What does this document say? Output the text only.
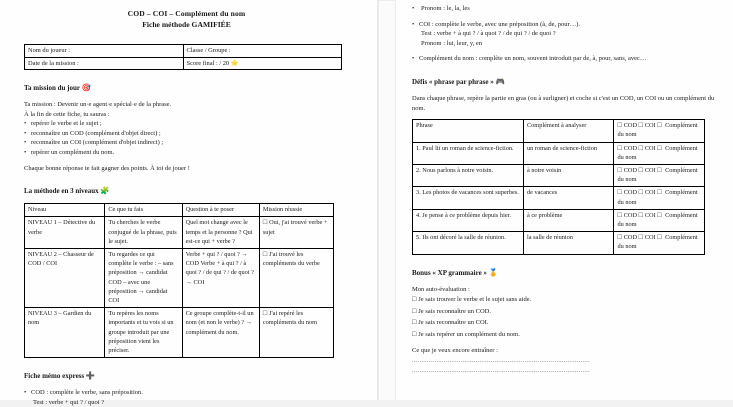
COD – COI – Complément du nom
Fiche méthode GAMIFIÉE
Nom du joueur :	Classe / Groupe :
Date de la mission :	Score final : / 20 ⭐
Ta mission du jour 🎯

Ta mission : Devenir un·e agent·e spécial·e de la phrase.

À la fin de cette fiche, tu sauras :

• repérer le verbe et le sujet ;
• reconnaître un COD (complément d'objet direct) ;
• reconnaître un COI (complément d'objet indirect) ;
• repérer un complément du nom.

Chaque bonne réponse te fait gagner des points. À toi de jouer !

La méthode en 3 niveaux 🧩
Niveau	Ce que tu fais	Question à te poser	Mission réussie
NIVEAU 1 – Détective du verbe	Tu cherches le verbe conjugué de la phrase, puis le sujet.	Quel mot change avec le temps et la personne ? Qui est-ce qui + verbe ?	□ Oui, j'ai trouvé verbe + sujet
NIVEAU 2 – Chasseur de COD / COI	Tu regardes ce qui complète le verbe : – sans préposition → candidat COD – avec une préposition → candidat COI	Verbe + qui ? / quoi ? → COD Verbe + à qui ? / à quoi ? / de qui ? / de quoi ? → COI	□ J'ai trouvé les compléments du verbe
NIVEAU 3 – Gardien du nom	Tu repères les noms importants et tu vois si un groupe introduit par une préposition vient les préciser.	Ce groupe complète-t-il un nom (et non le verbe) ? → complément du nom.	□ J'ai repéré les compléments du nom
Fiche mémo express ➕
• COD : complète le verbe, sans préposition.
Test : verbe + qui ? / quoi ?
• Pronom : le, la, les
• COI : complète le verbe, avec une préposition (à, de, pour…).
Test : verbe + à qui ? / à quoi ? / de qui ? / de quoi ?
Pronom : lui, leur, y, en
• Complément du nom : complète un nom, souvent introduit par de, à, pour, sans, avec…
Défis « phrase par phrase » 🎮

Dans chaque phrase, repère la partie en gras (ou à surligner) et coche si c'est un COD, un COI ou un complément du nom.

Phrase	Complément à analyser	□ COD □ COI □ Complément du nom
1. Paul lit un roman de science-fiction.	un roman de science-fiction	□ COD □ COI □ Complément du nom
2. Nous parlons à notre voisin.	à notre voisin	□ COD □ COI □ Complément du nom
3. Les photos de vacances sont superbes.	de vacances	□ COD □ COI □ Complément du nom
4. Je pense à ce problème depuis hier.	à ce problème	□ COD □ COI □ Complément du nom
5. Ils ont décoré la salle de réunion.	la salle de réunion	□ COD □ COI □ Complément du nom
Bonus « XP grammaire » 🏅

Mon auto-évaluation :

□ Je sais trouver le verbe et le sujet sans aide.
□ Je sais reconnaître un COD.
□ Je sais reconnaître un COI.
□ Je sais repérer un complément du nom.

Ce que je veux encore entraîner :

...............................................................................................
...............................................................................................
